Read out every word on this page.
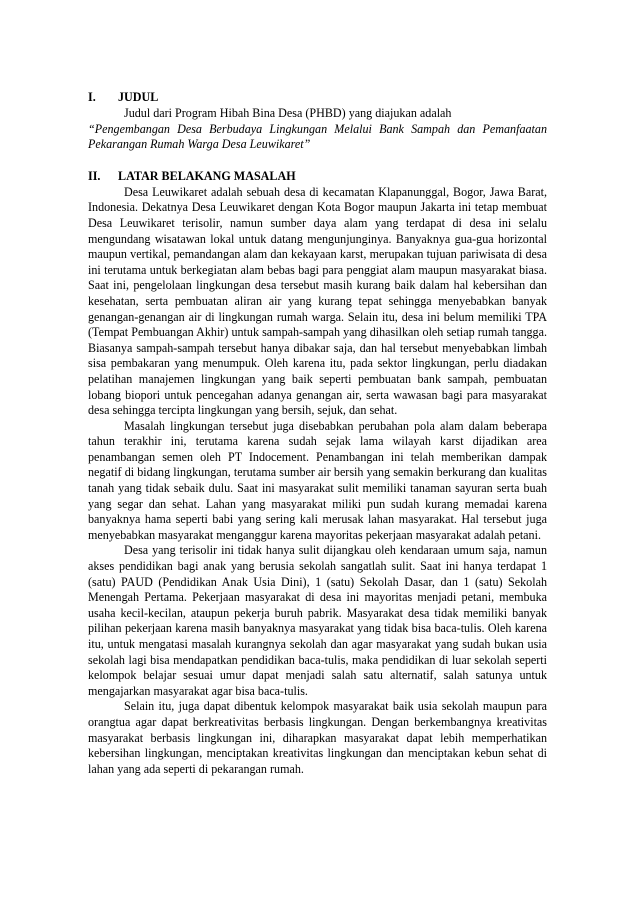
I.	JUDUL

Judul dari Program Hibah Bina Desa (PHBD) yang diajukan adalah

“Pengembangan Desa Berbudaya Lingkungan Melalui Bank Sampah dan Pemanfaatan Pekarangan Rumah Warga Desa Leuwikaret”

II.	LATAR BELAKANG MASALAH

Desa Leuwikaret adalah sebuah desa di kecamatan Klapanunggal, Bogor, Jawa Barat, Indonesia. Dekatnya Desa Leuwikaret dengan Kota Bogor maupun Jakarta ini tetap membuat Desa Leuwikaret terisolir, namun sumber daya alam yang terdapat di desa ini selalu mengundang wisatawan lokal untuk datang mengunjunginya. Banyaknya gua-gua horizontal maupun vertikal, pemandangan alam dan kekayaan karst, merupakan tujuan pariwisata di desa ini terutama untuk berkegiatan alam bebas bagi para penggiat alam maupun masyarakat biasa. Saat ini, pengelolaan lingkungan desa tersebut masih kurang baik dalam hal kebersihan dan kesehatan, serta pembuatan aliran air yang kurang tepat sehingga menyebabkan banyak genangan-genangan air di lingkungan rumah warga. Selain itu, desa ini belum memiliki TPA (Tempat Pembuangan Akhir) untuk sampah-sampah yang dihasilkan oleh setiap rumah tangga. Biasanya sampah-sampah tersebut hanya dibakar saja, dan hal tersebut menyebabkan limbah sisa pembakaran yang menumpuk. Oleh karena itu, pada sektor lingkungan, perlu diadakan pelatihan manajemen lingkungan yang baik seperti pembuatan bank sampah, pembuatan lobang biopori untuk pencegahan adanya genangan air, serta wawasan bagi para masyarakat desa sehingga tercipta lingkungan yang bersih, sejuk, dan sehat.

Masalah lingkungan tersebut juga disebabkan perubahan pola alam dalam beberapa tahun terakhir ini, terutama karena sudah sejak lama wilayah karst dijadikan area penambangan semen oleh PT Indocement. Penambangan ini telah memberikan dampak negatif di bidang lingkungan, terutama sumber air bersih yang semakin berkurang dan kualitas tanah yang tidak sebaik dulu. Saat ini masyarakat sulit memiliki tanaman sayuran serta buah yang segar dan sehat. Lahan yang masyarakat miliki pun sudah kurang memadai karena banyaknya hama seperti babi yang sering kali merusak lahan masyarakat. Hal tersebut juga menyebabkan masyarakat menganggur karena mayoritas pekerjaan masyarakat adalah petani.

Desa yang terisolir ini tidak hanya sulit dijangkau oleh kendaraan umum saja, namun akses pendidikan bagi anak yang berusia sekolah sangatlah sulit. Saat ini hanya terdapat 1 (satu) PAUD (Pendidikan Anak Usia Dini), 1 (satu) Sekolah Dasar, dan 1 (satu) Sekolah Menengah Pertama. Pekerjaan masyarakat di desa ini mayoritas menjadi petani, membuka usaha kecil-kecilan, ataupun pekerja buruh pabrik. Masyarakat desa tidak memiliki banyak pilihan pekerjaan karena masih banyaknya masyarakat yang tidak bisa baca-tulis. Oleh karena itu, untuk mengatasi masalah kurangnya sekolah dan agar masyarakat yang sudah bukan usia sekolah lagi bisa mendapatkan pendidikan baca-tulis, maka pendidikan di luar sekolah seperti kelompok belajar sesuai umur dapat menjadi salah satu alternatif, salah satunya untuk mengajarkan masyarakat agar bisa baca-tulis.

Selain itu, juga dapat dibentuk kelompok masyarakat baik usia sekolah maupun para orangtua agar dapat berkreativitas berbasis lingkungan. Dengan berkembangnya kreativitas masyarakat berbasis lingkungan ini, diharapkan masyarakat dapat lebih memperhatikan kebersihan lingkungan, menciptakan kreativitas lingkungan dan menciptakan kebun sehat di lahan yang ada seperti di pekarangan rumah.
